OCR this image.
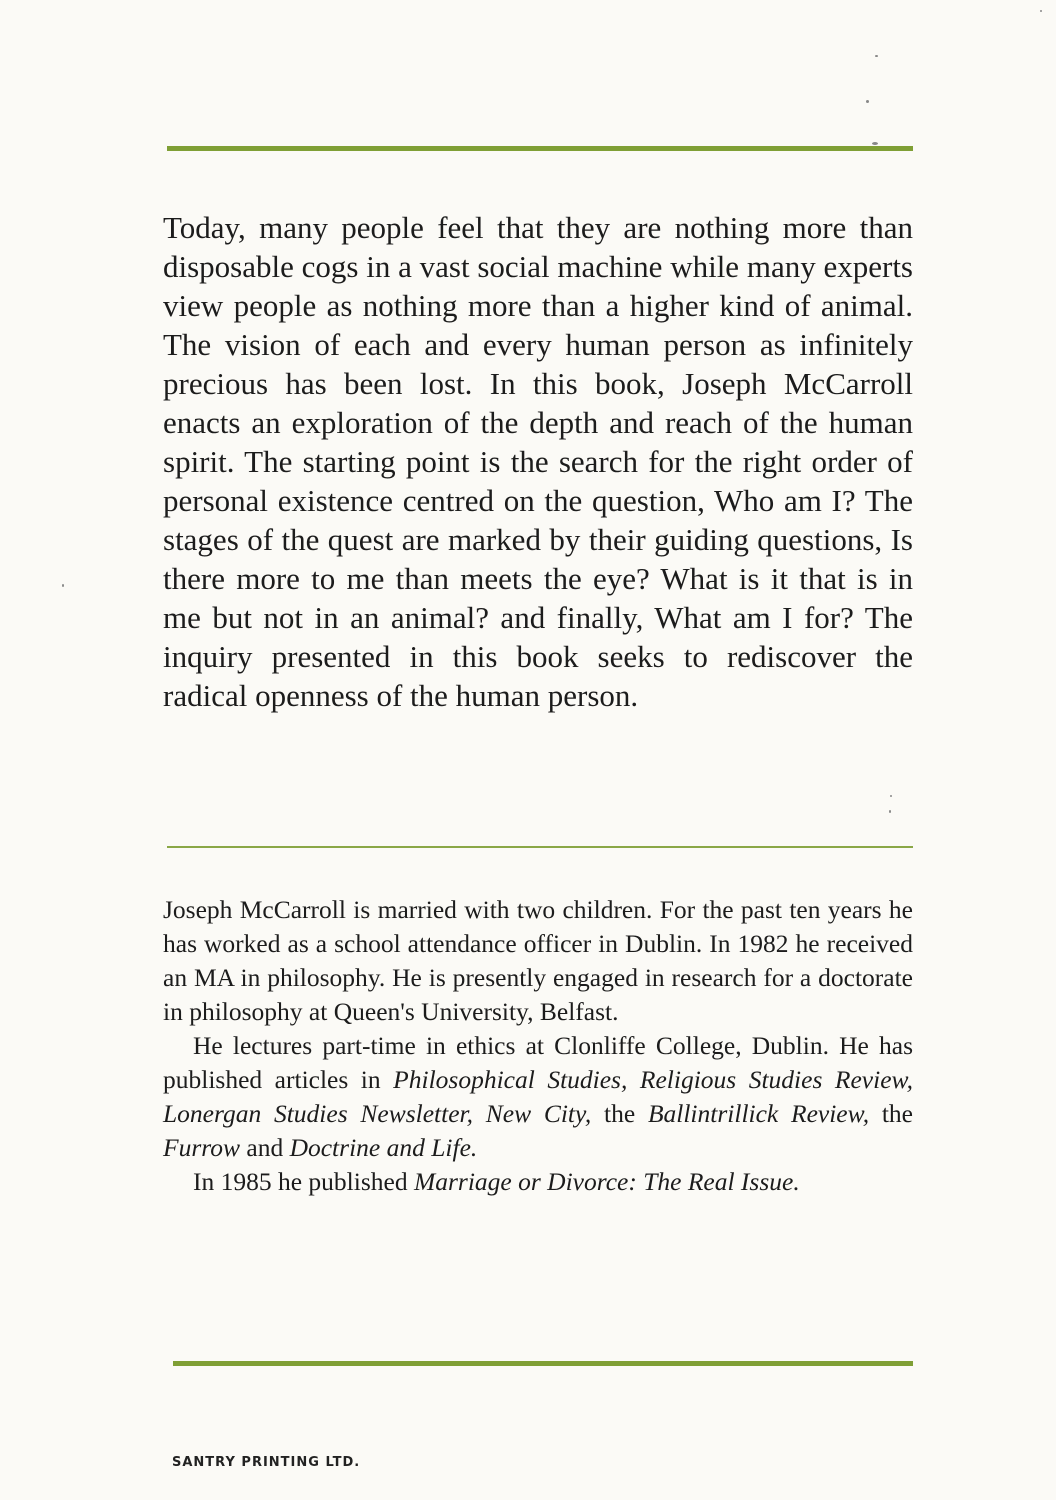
Today, many people feel that they are nothing more than disposable cogs in a vast social machine while many experts view people as nothing more than a higher kind of animal. The vision of each and every human person as infinitely precious has been lost. In this book, Joseph McCarroll enacts an exploration of the depth and reach of the human spirit. The starting point is the search for the right order of personal existence centred on the question, Who am I? The stages of the quest are marked by their guiding questions, Is there more to me than meets the eye? What is it that is in me but not in an animal? and finally, What am I for? The inquiry presented in this book seeks to rediscover the radical openness of the human person.

Joseph McCarroll is married with two children. For the past ten years he has worked as a school attendance officer in Dublin. In 1982 he received an MA in philosophy. He is presently engaged in research for a doctorate in philosophy at Queen's University, Belfast.

He lectures part-time in ethics at Clonliffe College, Dublin. He has published articles in Philosophical Studies, Religious Studies Review, Lonergan Studies Newsletter, New City, the Ballintrillick Review, the Furrow and Doctrine and Life.

In 1985 he published Marriage or Divorce: The Real Issue.

SANTRY PRINTING LTD.
